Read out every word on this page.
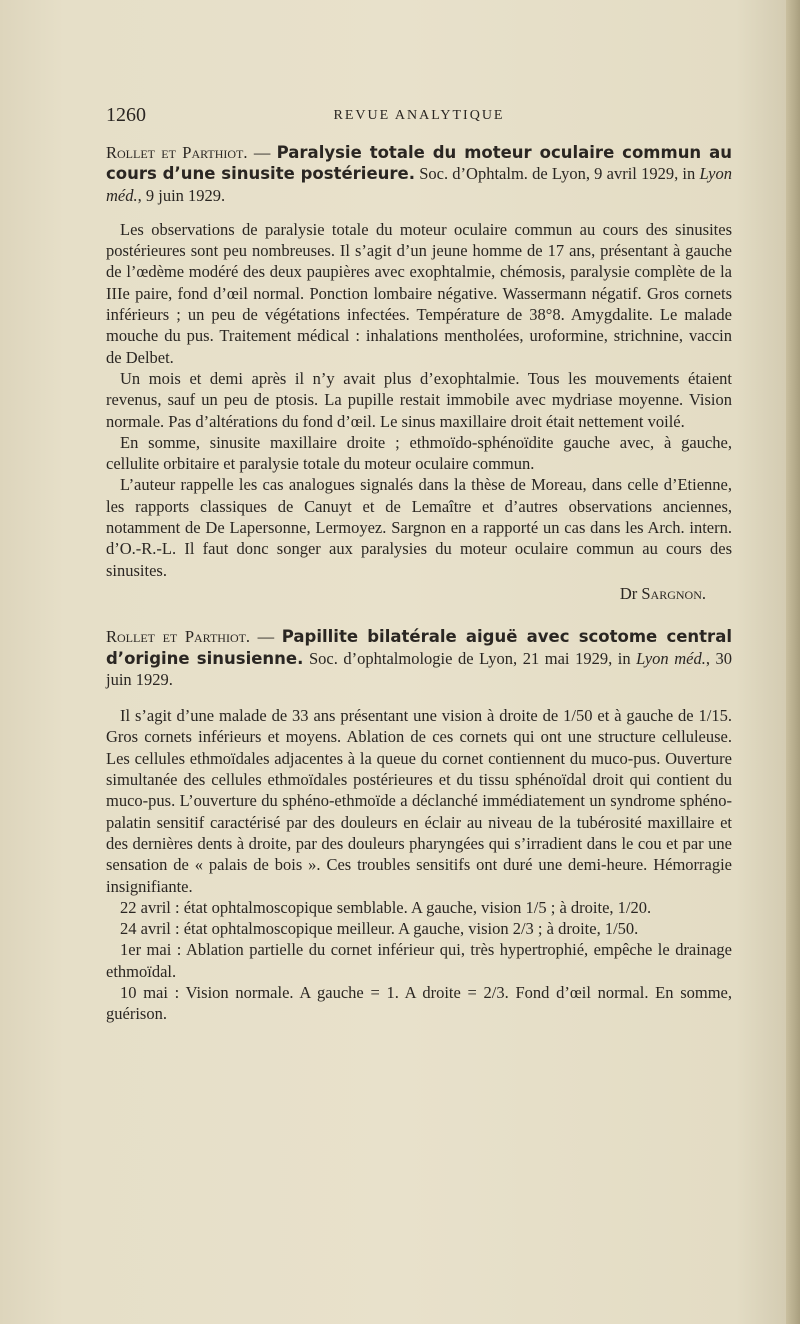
1260	REVUE ANALYTIQUE

Rollet et Parthiot. — Paralysie totale du moteur oculaire commun au cours d’une sinusite postérieure. Soc. d’Ophtalm. de Lyon, 9 avril 1929, in Lyon méd., 9 juin 1929.

Les observations de paralysie totale du moteur oculaire commun au cours des sinusites postérieures sont peu nombreuses. Il s’agit d’un jeune homme de 17 ans, présentant à gauche de l’œdème modéré des deux paupières avec exophtalmie, chémosis, paralysie complète de la IIIe paire, fond d’œil normal. Ponction lombaire négative. Wassermann négatif. Gros cornets inférieurs ; un peu de végétations infectées. Température de 38°8. Amygdalite. Le malade mouche du pus. Traitement médical : inhalations mentholées, uroformine, strichnine, vaccin de Delbet.

Un mois et demi après il n’y avait plus d’exophtalmie. Tous les mouvements étaient revenus, sauf un peu de ptosis. La pupille restait immobile avec mydriase moyenne. Vision normale. Pas d’altérations du fond d’œil. Le sinus maxillaire droit était nettement voilé.

En somme, sinusite maxillaire droite ; ethmoïdo-sphénoïdite gauche avec, à gauche, cellulite orbitaire et paralysie totale du moteur oculaire commun.

L’auteur rappelle les cas analogues signalés dans la thèse de Moreau, dans celle d’Etienne, les rapports classiques de Canuyt et de Lemaître et d’autres observations anciennes, notamment de De Lapersonne, Lermoyez. Sargnon en a rapporté un cas dans les Arch. intern. d’O.-R.-L. Il faut donc songer aux paralysies du moteur oculaire commun au cours des sinusites.

Dr Sargnon.

Rollet et Parthiot. — Papillite bilatérale aiguë avec scotome central d’origine sinusienne. Soc. d’ophtalmologie de Lyon, 21 mai 1929, in Lyon méd., 30 juin 1929.

Il s’agit d’une malade de 33 ans présentant une vision à droite de 1/50 et à gauche de 1/15. Gros cornets inférieurs et moyens. Ablation de ces cornets qui ont une structure celluleuse. Les cellules ethmoïdales adjacentes à la queue du cornet contiennent du muco-pus. Ouverture simultanée des cellules ethmoïdales postérieures et du tissu sphénoïdal droit qui contient du muco-pus. L’ouverture du sphéno-ethmoïde a déclanché immédiatement un syndrome sphéno-palatin sensitif caractérisé par des douleurs en éclair au niveau de la tubérosité maxillaire et des dernières dents à droite, par des douleurs pharyngées qui s’irradient dans le cou et par une sensation de « palais de bois ». Ces troubles sensitifs ont duré une demi-heure. Hémorragie insignifiante.

22 avril : état ophtalmoscopique semblable. A gauche, vision 1/5 ; à droite, 1/20.

24 avril : état ophtalmoscopique meilleur. A gauche, vision 2/3 ; à droite, 1/50.

1er mai : Ablation partielle du cornet inférieur qui, très hypertrophié, empêche le drainage ethmoïdal.

10 mai : Vision normale. A gauche = 1. A droite = 2/3. Fond d’œil normal. En somme, guérison.
